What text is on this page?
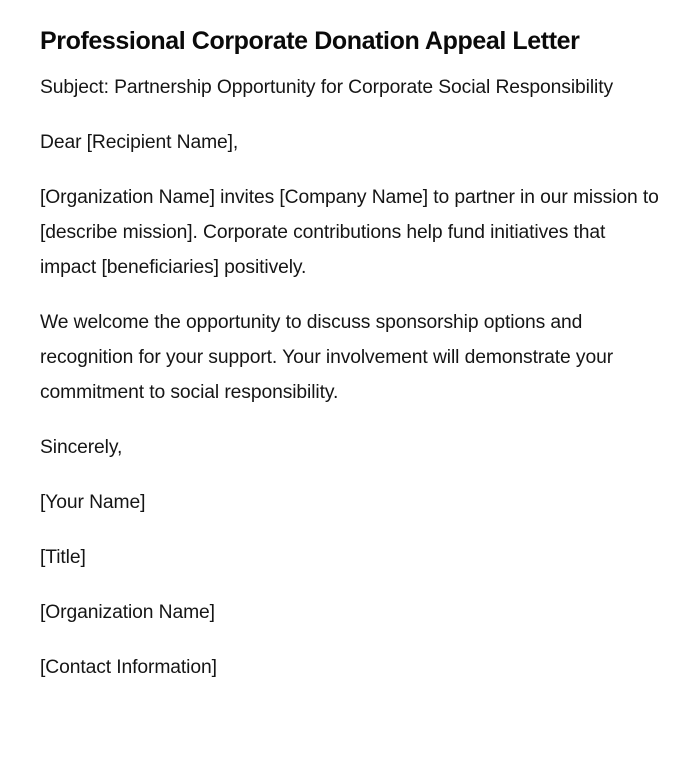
Professional Corporate Donation Appeal Letter

Subject: Partnership Opportunity for Corporate Social Responsibility

Dear [Recipient Name],

[Organization Name] invites [Company Name] to partner in our mission to [describe mission]. Corporate contributions help fund initiatives that impact [beneficiaries] positively.

We welcome the opportunity to discuss sponsorship options and recognition for your support. Your involvement will demonstrate your commitment to social responsibility.

Sincerely,

[Your Name]

[Title]

[Organization Name]

[Contact Information]
